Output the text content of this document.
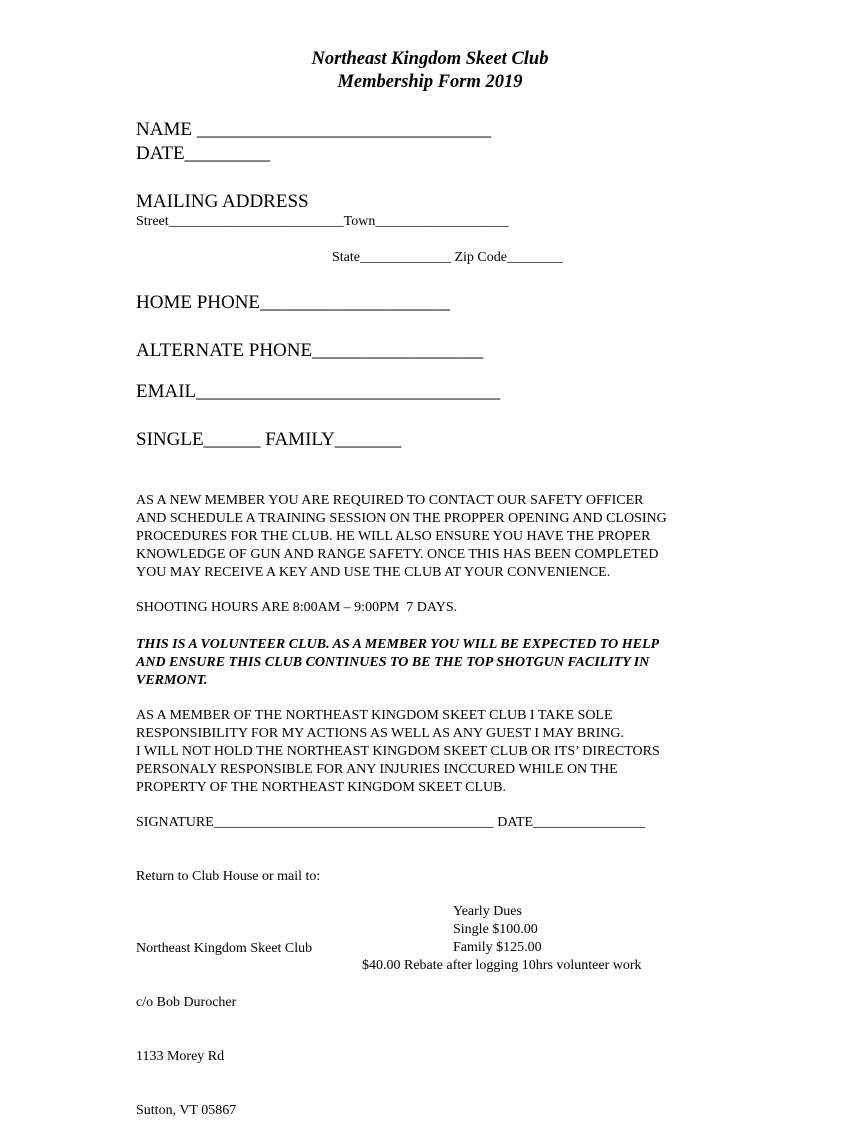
Northeast Kingdom Skeet Club
Membership Form 2019
NAME _______________________________
DATE_________
MAILING ADDRESS
Street_________________________Town___________________
State_____________ Zip Code________
HOME PHONE____________________
ALTERNATE PHONE__________________
EMAIL________________________________
SINGLE______ FAMILY_______
AS A NEW MEMBER YOU ARE REQUIRED TO CONTACT OUR SAFETY OFFICER
AND SCHEDULE A TRAINING SESSION ON THE PROPPER OPENING AND CLOSING
PROCEDURES FOR THE CLUB. HE WILL ALSO ENSURE YOU HAVE THE PROPER
KNOWLEDGE OF GUN AND RANGE SAFETY. ONCE THIS HAS BEEN COMPLETED
YOU MAY RECEIVE A KEY AND USE THE CLUB AT YOUR CONVENIENCE.
SHOOTING HOURS ARE 8:00AM – 9:00PM  7 DAYS.
THIS IS A VOLUNTEER CLUB. AS A MEMBER YOU WILL BE EXPECTED TO HELP
AND ENSURE THIS CLUB CONTINUES TO BE THE TOP SHOTGUN FACILITY IN
VERMONT.
AS A MEMBER OF THE NORTHEAST KINGDOM SKEET CLUB I TAKE SOLE
RESPONSIBILITY FOR MY ACTIONS AS WELL AS ANY GUEST I MAY BRING.
I WILL NOT HOLD THE NORTHEAST KINGDOM SKEET CLUB OR ITS’ DIRECTORS
PERSONALY RESPONSIBLE FOR ANY INJURIES INCCURED WHILE ON THE
PROPERTY OF THE NORTHEAST KINGDOM SKEET CLUB.
SIGNATURE________________________________________ DATE________________
Return to Club House or mail to:

Northeast Kingdom Skeet Club

c/o Bob Durocher

1133 Morey Rd

Sutton, VT 05867

Yearly Dues
Single $100.00
Family $125.00
$40.00 Rebate after logging 10hrs volunteer work
